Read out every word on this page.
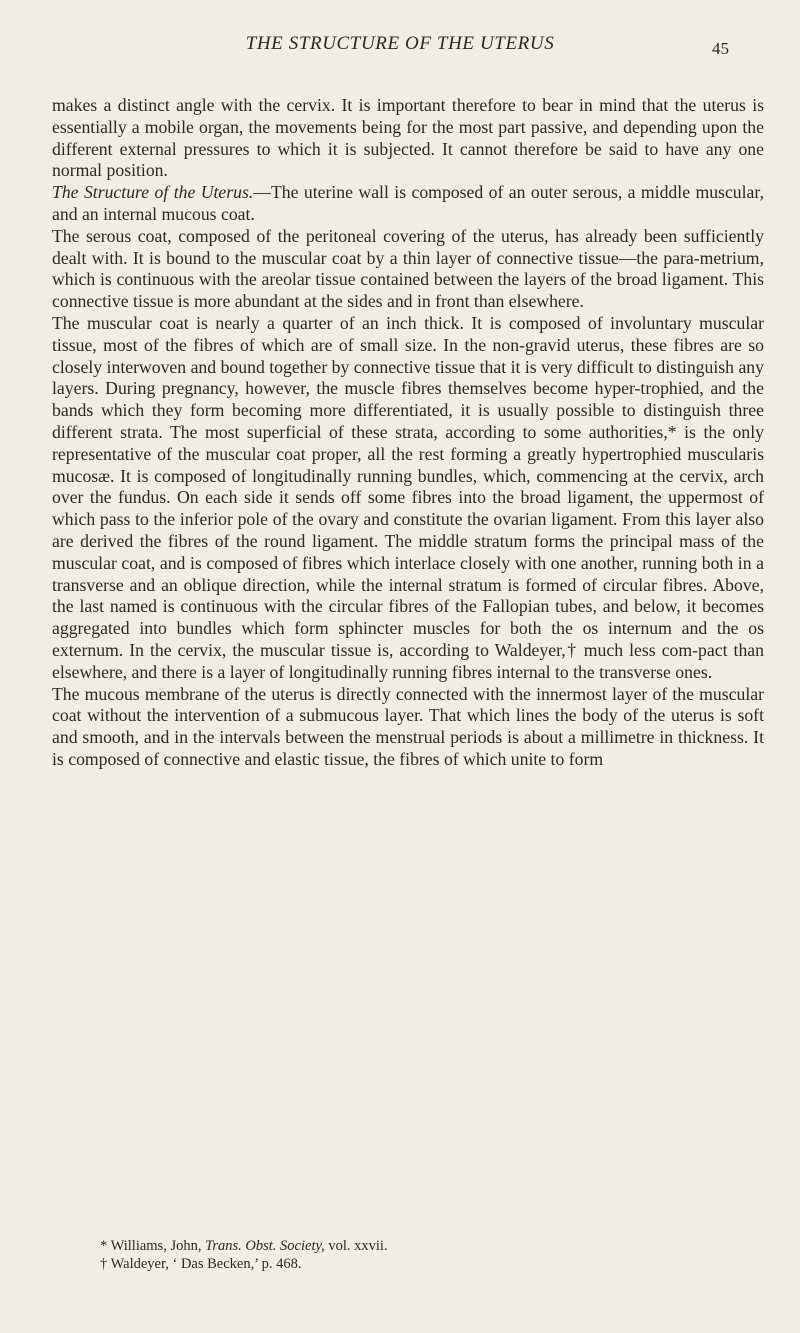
THE STRUCTURE OF THE UTERUS	45

makes a distinct angle with the cervix. It is important therefore to bear in mind that the uterus is essentially a mobile organ, the movements being for the most part passive, and depending upon the different external pressures to which it is subjected. It cannot therefore be said to have any one normal position.

The Structure of the Uterus.—The uterine wall is composed of an outer serous, a middle muscular, and an internal mucous coat.

The serous coat, composed of the peritoneal covering of the uterus, has already been sufficiently dealt with. It is bound to the muscular coat by a thin layer of connective tissue—the para-metrium, which is continuous with the areolar tissue contained between the layers of the broad ligament. This connective tissue is more abundant at the sides and in front than elsewhere.

The muscular coat is nearly a quarter of an inch thick. It is composed of involuntary muscular tissue, most of the fibres of which are of small size. In the non-gravid uterus, these fibres are so closely interwoven and bound together by connective tissue that it is very difficult to distinguish any layers. During pregnancy, however, the muscle fibres themselves become hyper-trophied, and the bands which they form becoming more differentiated, it is usually possible to distinguish three different strata. The most superficial of these strata, according to some authorities,* is the only representative of the muscular coat proper, all the rest forming a greatly hypertrophied muscularis mucosæ. It is composed of longitudinally running bundles, which, commencing at the cervix, arch over the fundus. On each side it sends off some fibres into the broad ligament, the uppermost of which pass to the inferior pole of the ovary and constitute the ovarian ligament. From this layer also are derived the fibres of the round ligament. The middle stratum forms the principal mass of the muscular coat, and is composed of fibres which interlace closely with one another, running both in a transverse and an oblique direction, while the internal stratum is formed of circular fibres. Above, the last named is continuous with the circular fibres of the Fallopian tubes, and below, it becomes aggregated into bundles which form sphincter muscles for both the os internum and the os externum. In the cervix, the muscular tissue is, according to Waldeyer,† much less com-pact than elsewhere, and there is a layer of longitudinally running fibres internal to the transverse ones.

The mucous membrane of the uterus is directly connected with the innermost layer of the muscular coat without the intervention of a submucous layer. That which lines the body of the uterus is soft and smooth, and in the intervals between the menstrual periods is about a millimetre in thickness. It is composed of connective and elastic tissue, the fibres of which unite to form

* Williams, John, Trans. Obst. Society, vol. xxvii.

† Waldeyer, ‘ Das Becken,’ p. 468.
